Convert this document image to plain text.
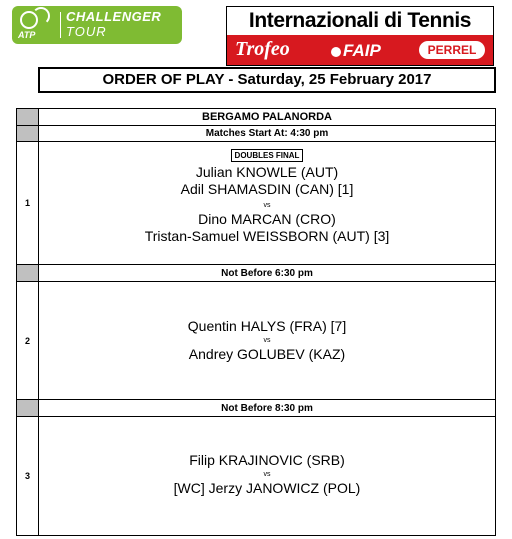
ATP
CHALLENGER
TOUR	Internazionali di Tennis
Trofeo	FAIP	PERREL
ORDER OF PLAY - Saturday, 25 February 2017
BERGAMO PALANORDA
Matches Start At: 4:30 pm
1
DOUBLES FINAL
Julian KNOWLE (AUT)
Adil SHAMASDIN (CAN) [1]
vs
Dino MARCAN (CRO)
Tristan-Samuel WEISSBORN (AUT) [3]
Not Before 6:30 pm
2
Quentin HALYS (FRA) [7]
vs
Andrey GOLUBEV (KAZ)
Not Before 8:30 pm
3
Filip KRAJINOVIC (SRB)
vs
[WC] Jerzy JANOWICZ (POL)
